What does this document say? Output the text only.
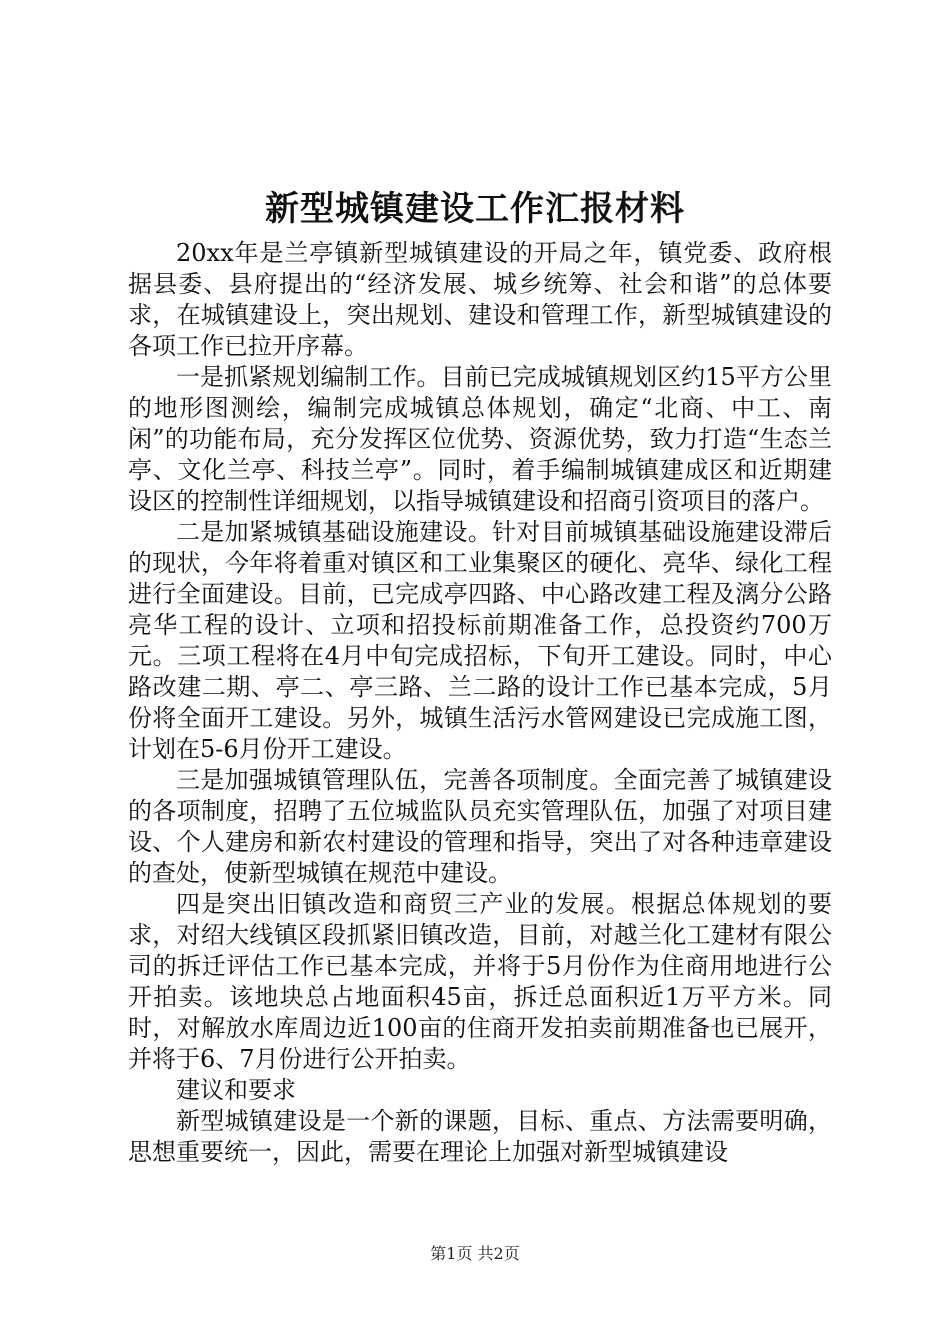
新型城镇建设工作汇报材料

20xx年是兰亭镇新型城镇建设的开局之年，镇党委、政府根据县委、县府提出的“经济发展、城乡统筹、社会和谐”的总体要求，在城镇建设上，突出规划、建设和管理工作，新型城镇建设的各项工作已拉开序幕。

一是抓紧规划编制工作。目前已完成城镇规划区约15平方公里的地形图测绘，编制完成城镇总体规划，确定“北商、中工、南闲”的功能布局，充分发挥区位优势、资源优势，致力打造“生态兰亭、文化兰亭、科技兰亭”。同时，着手编制城镇建成区和近期建设区的控制性详细规划，以指导城镇建设和招商引资项目的落户。

二是加紧城镇基础设施建设。针对目前城镇基础设施建设滞后的现状，今年将着重对镇区和工业集聚区的硬化、亮华、绿化工程进行全面建设。目前，已完成亭四路、中心路改建工程及漓分公路亮华工程的设计、立项和招投标前期准备工作，总投资约700万元。三项工程将在4月中旬完成招标，下旬开工建设。同时，中心路改建二期、亭二、亭三路、兰二路的设计工作已基本完成，5月份将全面开工建设。另外，城镇生活污水管网建设已完成施工图，计划在5-6月份开工建设。

三是加强城镇管理队伍，完善各项制度。全面完善了城镇建设的各项制度，招聘了五位城监队员充实管理队伍，加强了对项目建设、个人建房和新农村建设的管理和指导，突出了对各种违章建设的查处，使新型城镇在规范中建设。

四是突出旧镇改造和商贸三产业的发展。根据总体规划的要求，对绍大线镇区段抓紧旧镇改造，目前，对越兰化工建材有限公司的拆迁评估工作已基本完成，并将于5月份作为住商用地进行公开拍卖。该地块总占地面积45亩，拆迁总面积近1万平方米。同时，对解放水库周边近100亩的住商开发拍卖前期准备也已展开，并将于6、7月份进行公开拍卖。

建议和要求

新型城镇建设是一个新的课题，目标、重点、方法需要明确，思想重要统一，因此，需要在理论上加强对新型城镇建设

第1页 共2页
